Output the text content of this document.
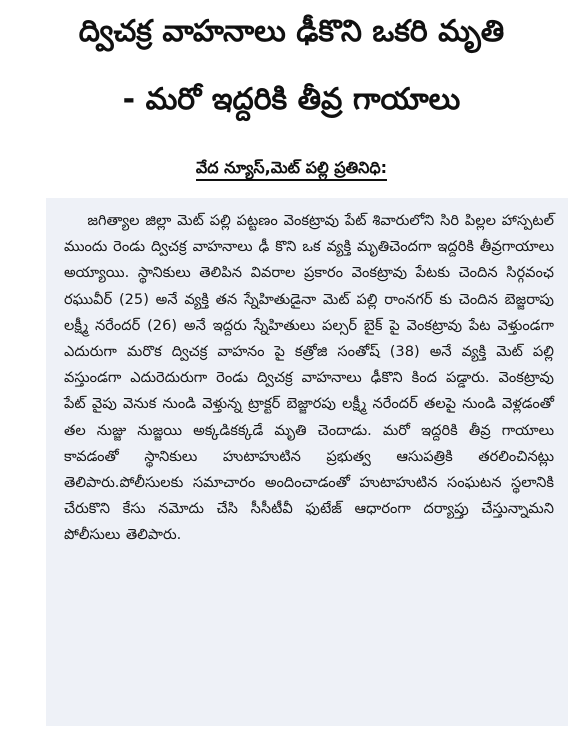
ద్విచక్ర వాహనాలు ఢీకొని ఒకరి మృతి
- మరో ఇద్దరికి తీవ్ర గాయాలు
వేద న్యూస్,మెట్ పల్లి ప్రతినిధి:
జగిత్యాల జిల్లా మెట్ పల్లి పట్టణం వెంకట్రావు పేట్ శివారులోని సిరి పిల్లల హాస్పటల్ ముందు రెండు ద్విచక్ర వాహనాలు ఢీ కొని ఒక వ్యక్తి మృతిచెందగా ఇద్దరికి తీవ్రగాయాలు అయ్యాయి. స్థానికులు తెలిపిన వివరాల ప్రకారం వెంకట్రావు పేటకు చెందిన సిర్గవంఛ రఘువీర్ (25) అనే వ్యక్తి తన స్నేహితుడైనా మెట్ పల్లి రాంనగర్ కు చెందిన బెజ్జరాపు లక్ష్మీ నరేందర్ (26) అనే ఇద్దరు స్నేహితులు పల్సర్ బైక్ పై వెంకట్రావు పేట వెళ్తుండగా ఎదురుగా మరొక ద్విచక్ర వాహనం పై కత్రోజి సంతోష్ (38) అనే వ్యక్తి మెట్ పల్లి వస్తుండగా ఎదురెదురుగా రెండు ద్విచక్ర వాహనాలు ఢీకొని కింద పడ్డారు. వెంకట్రావు పేట్ వైపు వెనుక నుండి వెళ్తున్న ట్రాక్టర్ బెజ్జారపు లక్ష్మీ నరేందర్ తలపై నుండి వెళ్లడంతో తల నుజ్జు నుజ్జయి అక్కడికక్కడే మృతి చెందాడు. మరో ఇద్దరికి తీవ్ర గాయాలు కావడంతో స్థానికులు హుటాహుటిన ప్రభుత్వ ఆసుపత్రికి తరలించినట్లు తెలిపారు.పోలీసులకు సమాచారం అందించాడంతో హుటాహుటిన సంఘటన స్థలానికి చేరుకొని కేసు నమోదు చేసి సీసీటీవీ ఫుటేజ్ ఆధారంగా దర్యాప్తు చేస్తున్నామని పోలీసులు తెలిపారు.
